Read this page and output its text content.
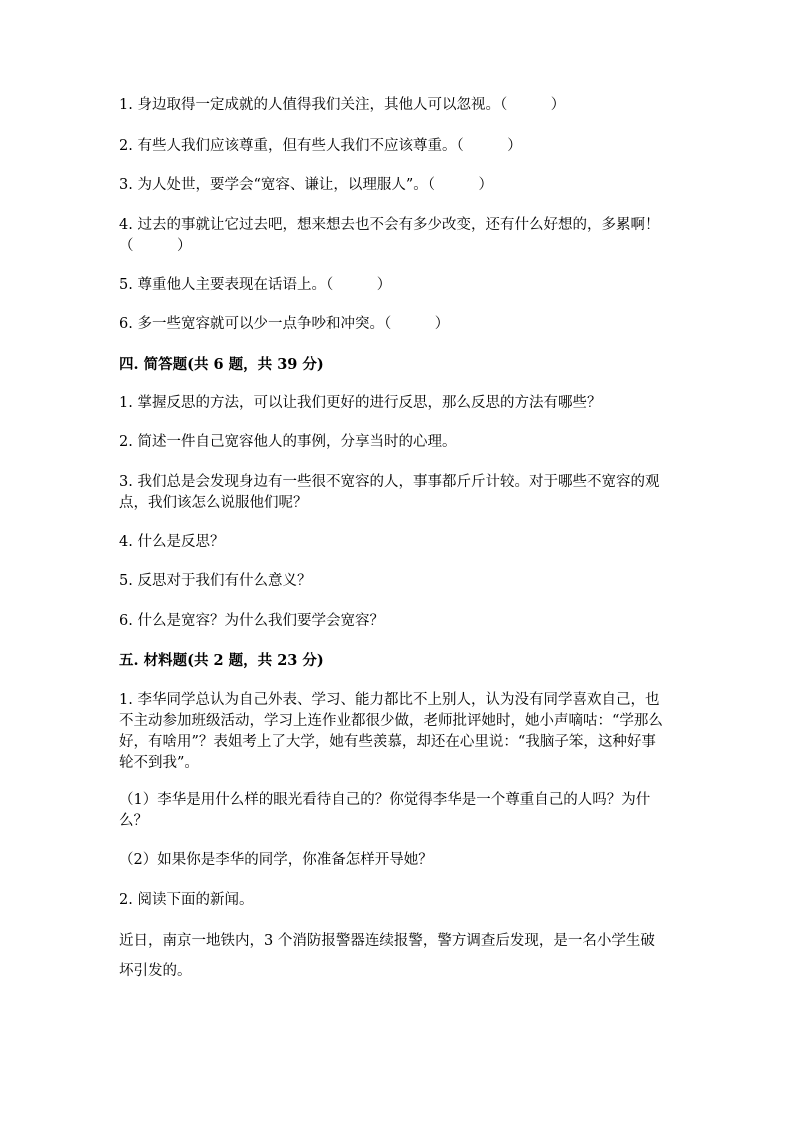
1. 身边取得一定成就的人值得我们关注，其他人可以忽视。（　　　）

2. 有些人我们应该尊重，但有些人我们不应该尊重。（　　　）

3. 为人处世，要学会“宽容、谦让，以理服人”。（　　　）

4. 过去的事就让它过去吧，想来想去也不会有多少改变，还有什么好想的，多累啊！（　　　）

5. 尊重他人主要表现在话语上。（　　　）

6. 多一些宽容就可以少一点争吵和冲突。（　　　）

四. 简答题(共 6 题，共 39 分)

1. 掌握反思的方法，可以让我们更好的进行反思，那么反思的方法有哪些？

2. 简述一件自己宽容他人的事例，分享当时的心理。

3. 我们总是会发现身边有一些很不宽容的人，事事都斤斤计较。对于哪些不宽容的观点，我们该怎么说服他们呢？

4. 什么是反思？

5. 反思对于我们有什么意义？

6. 什么是宽容？为什么我们要学会宽容？

五. 材料题(共 2 题，共 23 分)

1. 李华同学总认为自己外表、学习、能力都比不上别人，认为没有同学喜欢自己，也不主动参加班级活动，学习上连作业都很少做，老师批评她时，她小声嘀咕：“学那么好，有啥用”？表姐考上了大学，她有些羡慕，却还在心里说：“我脑子笨，这种好事轮不到我”。

（1）李华是用什么样的眼光看待自己的？你觉得李华是一个尊重自己的人吗？为什么？

（2）如果你是李华的同学，你准备怎样开导她？

2. 阅读下面的新闻。

近日，南京一地铁内，3 个消防报警器连续报警，警方调查后发现，是一名小学生破坏引发的。
